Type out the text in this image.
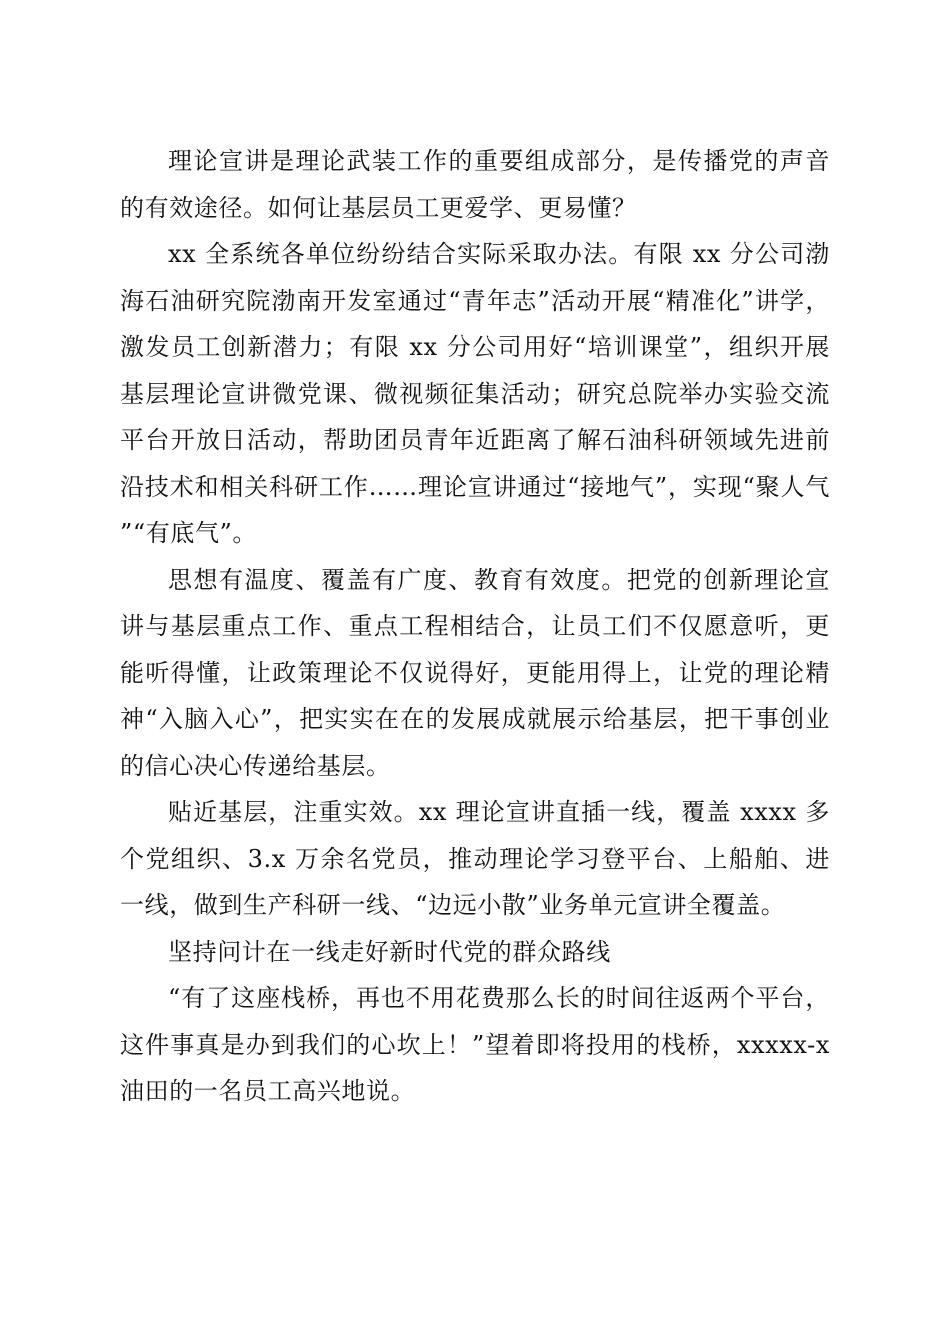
理论宣讲是理论武装工作的重要组成部分，是传播党的声音的有效途径。如何让基层员工更爱学、更易懂？

xx 全系统各单位纷纷结合实际采取办法。有限 xx 分公司渤海石油研究院渤南开发室通过“青年志”活动开展“精准化”讲学，激发员工创新潜力；有限 xx 分公司用好“培训课堂”，组织开展基层理论宣讲微党课、微视频征集活动；研究总院举办实验交流平台开放日活动，帮助团员青年近距离了解石油科研领域先进前沿技术和相关科研工作……理论宣讲通过“接地气”，实现“聚人气”“有底气”。

思想有温度、覆盖有广度、教育有效度。把党的创新理论宣讲与基层重点工作、重点工程相结合，让员工们不仅愿意听，更能听得懂，让政策理论不仅说得好，更能用得上，让党的理论精神“入脑入心”，把实实在在的发展成就展示给基层，把干事创业的信心决心传递给基层。

贴近基层，注重实效。xx 理论宣讲直插一线，覆盖 xxxx 多个党组织、3.x 万余名党员，推动理论学习登平台、上船舶、进一线，做到生产科研一线、“边远小散”业务单元宣讲全覆盖。

坚持问计在一线走好新时代党的群众路线

“有了这座栈桥，再也不用花费那么长的时间往返两个平台，这件事真是办到我们的心坎上！”望着即将投用的栈桥，xxxxx-x 油田的一名员工高兴地说。
